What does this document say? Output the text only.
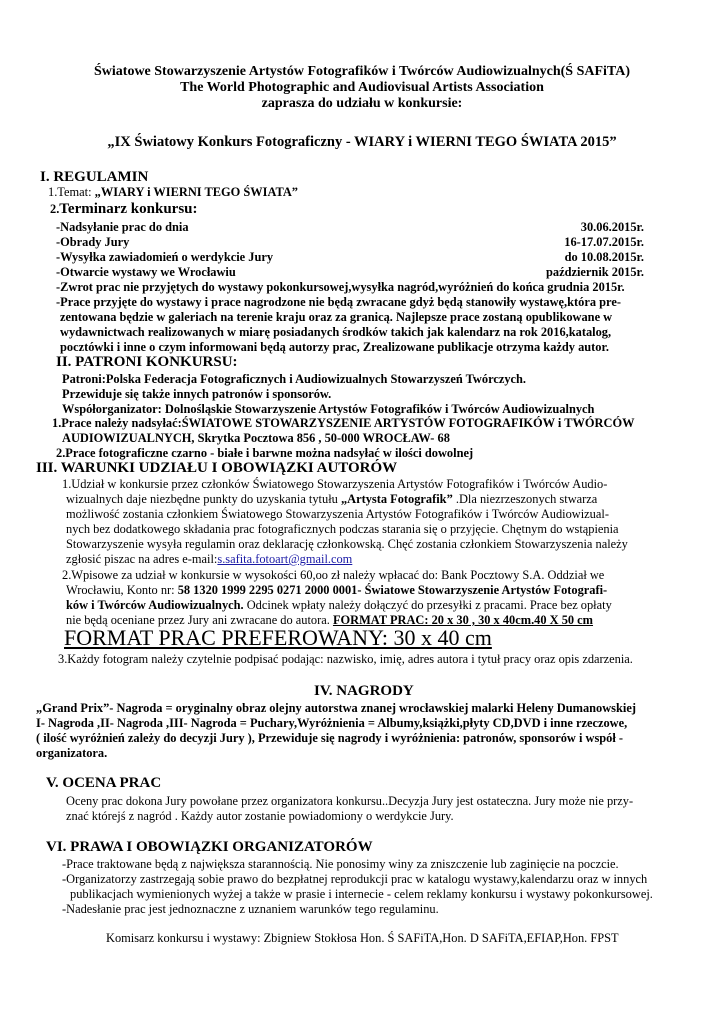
Światowe Stowarzyszenie Artystów Fotografików i Twórców Audiowizualnych(Ś SAFiTA)
The World Photographic and Audiovisual Artists Association
zaprasza do udziału w konkursie:
„IX Światowy Konkurs Fotograficzny - WIARY i WIERNI TEGO ŚWIATA 2015”
I. REGULAMIN
1.Temat: „WIARY i WIERNI TEGO ŚWIATA”
2.Terminarz konkursu:
-Nadsyłanie prac do dnia	30.06.2015r.
-Obrady Jury	16-17.07.2015r.
-Wysyłka zawiadomień o werdykcie Jury	do 10.08.2015r.
-Otwarcie wystawy we Wrocławiu	październik 2015r.
-Zwrot prac nie przyjętych do wystawy pokonkursowej,wysyłka nagród,wyróżnień do końca grudnia 2015r.
-Prace przyjęte do wystawy i prace nagrodzone nie będą zwracane gdyż będą stanowiły wystawę,która pre-
zentowana będzie w galeriach na terenie kraju oraz za granicą. Najlepsze prace zostaną opublikowane w
wydawnictwach realizowanych w miarę posiadanych środków takich jak kalendarz na rok 2016,katalog,
pocztówki i inne o czym informowani będą autorzy prac, Zrealizowane publikacje otrzyma każdy autor.
II. PATRONI KONKURSU:
Patroni:Polska Federacja Fotograficznych i Audiowizualnych Stowarzyszeń Twórczych.
Przewiduje się także innych patronów i sponsorów.
Współorganizator: Dolnośląskie Stowarzyszenie Artystów Fotografików i Twórców Audiowizualnych
1.Prace należy nadsyłać:ŚWIATOWE STOWARZYSZENIE ARTYSTÓW FOTOGRAFIKÓW i TWÓRCÓW
AUDIOWIZUALNYCH, Skrytka Pocztowa 856 , 50-000 WROCŁAW- 68
2.Prace fotograficzne czarno - białe i barwne można nadsyłać w ilości dowolnej
III. WARUNKI UDZIAŁU I OBOWIĄZKI AUTORÓW
1.Udział w konkursie przez członków Światowego Stowarzyszenia Artystów Fotografików i Twórców Audio-
wizualnych daje niezbędne punkty do uzyskania tytułu „Artysta Fotografik” .Dla niezrzeszonych stwarza
możliwość zostania członkiem Światowego Stowarzyszenia Artystów Fotografików i Twórców Audiowizual-
nych bez dodatkowego składania prac fotograficznych podczas starania się o przyjęcie. Chętnym do wstąpienia
Stowarzyszenie wysyła regulamin oraz deklarację członkowską. Chęć zostania członkiem Stowarzyszenia należy
zgłosić piszac na adres e-mail:s.safita.fotoart@gmail.com
2.Wpisowe za udział w konkursie w wysokości 60,oo zł należy wpłacać do: Bank Pocztowy S.A. Oddział we
Wrocławiu, Konto nr: 58 1320 1999 2295 0271 2000 0001- Światowe Stowarzyszenie Artystów Fotografi-
ków i Twórców Audiowizualnych. Odcinek wpłaty należy dołączyć do przesyłki z pracami. Prace bez opłaty
nie będą oceniane przez Jury ani zwracane do autora. FORMAT PRAC: 20 x 30 , 30 x 40cm.40 X 50 cm
FORMAT PRAC PREFEROWANY: 30 x 40 cm
3.Każdy fotogram należy czytelnie podpisać podając: nazwisko, imię, adres autora i tytuł pracy oraz opis zdarzenia.
IV. NAGRODY
„Grand Prix”- Nagroda = oryginalny obraz olejny autorstwa znanej wrocławskiej malarki Heleny Dumanowskiej
I- Nagroda ,II- Nagroda ,III- Nagroda = Puchary,Wyróżnienia = Albumy,książki,płyty CD,DVD i inne rzeczowe,
( ilość wyróżnień zależy do decyzji Jury ), Przewiduje się nagrody i wyróżnienia: patronów, sponsorów i współ -
organizatora.
V. OCENA PRAC
Oceny prac dokona Jury powołane przez organizatora konkursu..Decyzja Jury jest ostateczna. Jury może nie przy-
znać którejś z nagród . Każdy autor zostanie powiadomiony o werdykcie Jury.
VI. PRAWA I OBOWIĄZKI ORGANIZATORÓW
-Prace traktowane będą z największa starannością. Nie ponosimy winy za zniszczenie lub zaginięcie na poczcie.
-Organizatorzy zastrzegają sobie prawo do bezpłatnej reprodukcji prac w katalogu wystawy,kalendarzu oraz w innych
publikacjach wymienionych wyżej a także w prasie i internecie - celem reklamy konkursu i wystawy pokonkursowej.
-Nadesłanie prac jest jednoznaczne z uznaniem warunków tego regulaminu.
Komisarz konkursu i wystawy: Zbigniew Stokłosa Hon. Ś SAFiTA,Hon. D SAFiTA,EFIAP,Hon. FPST
